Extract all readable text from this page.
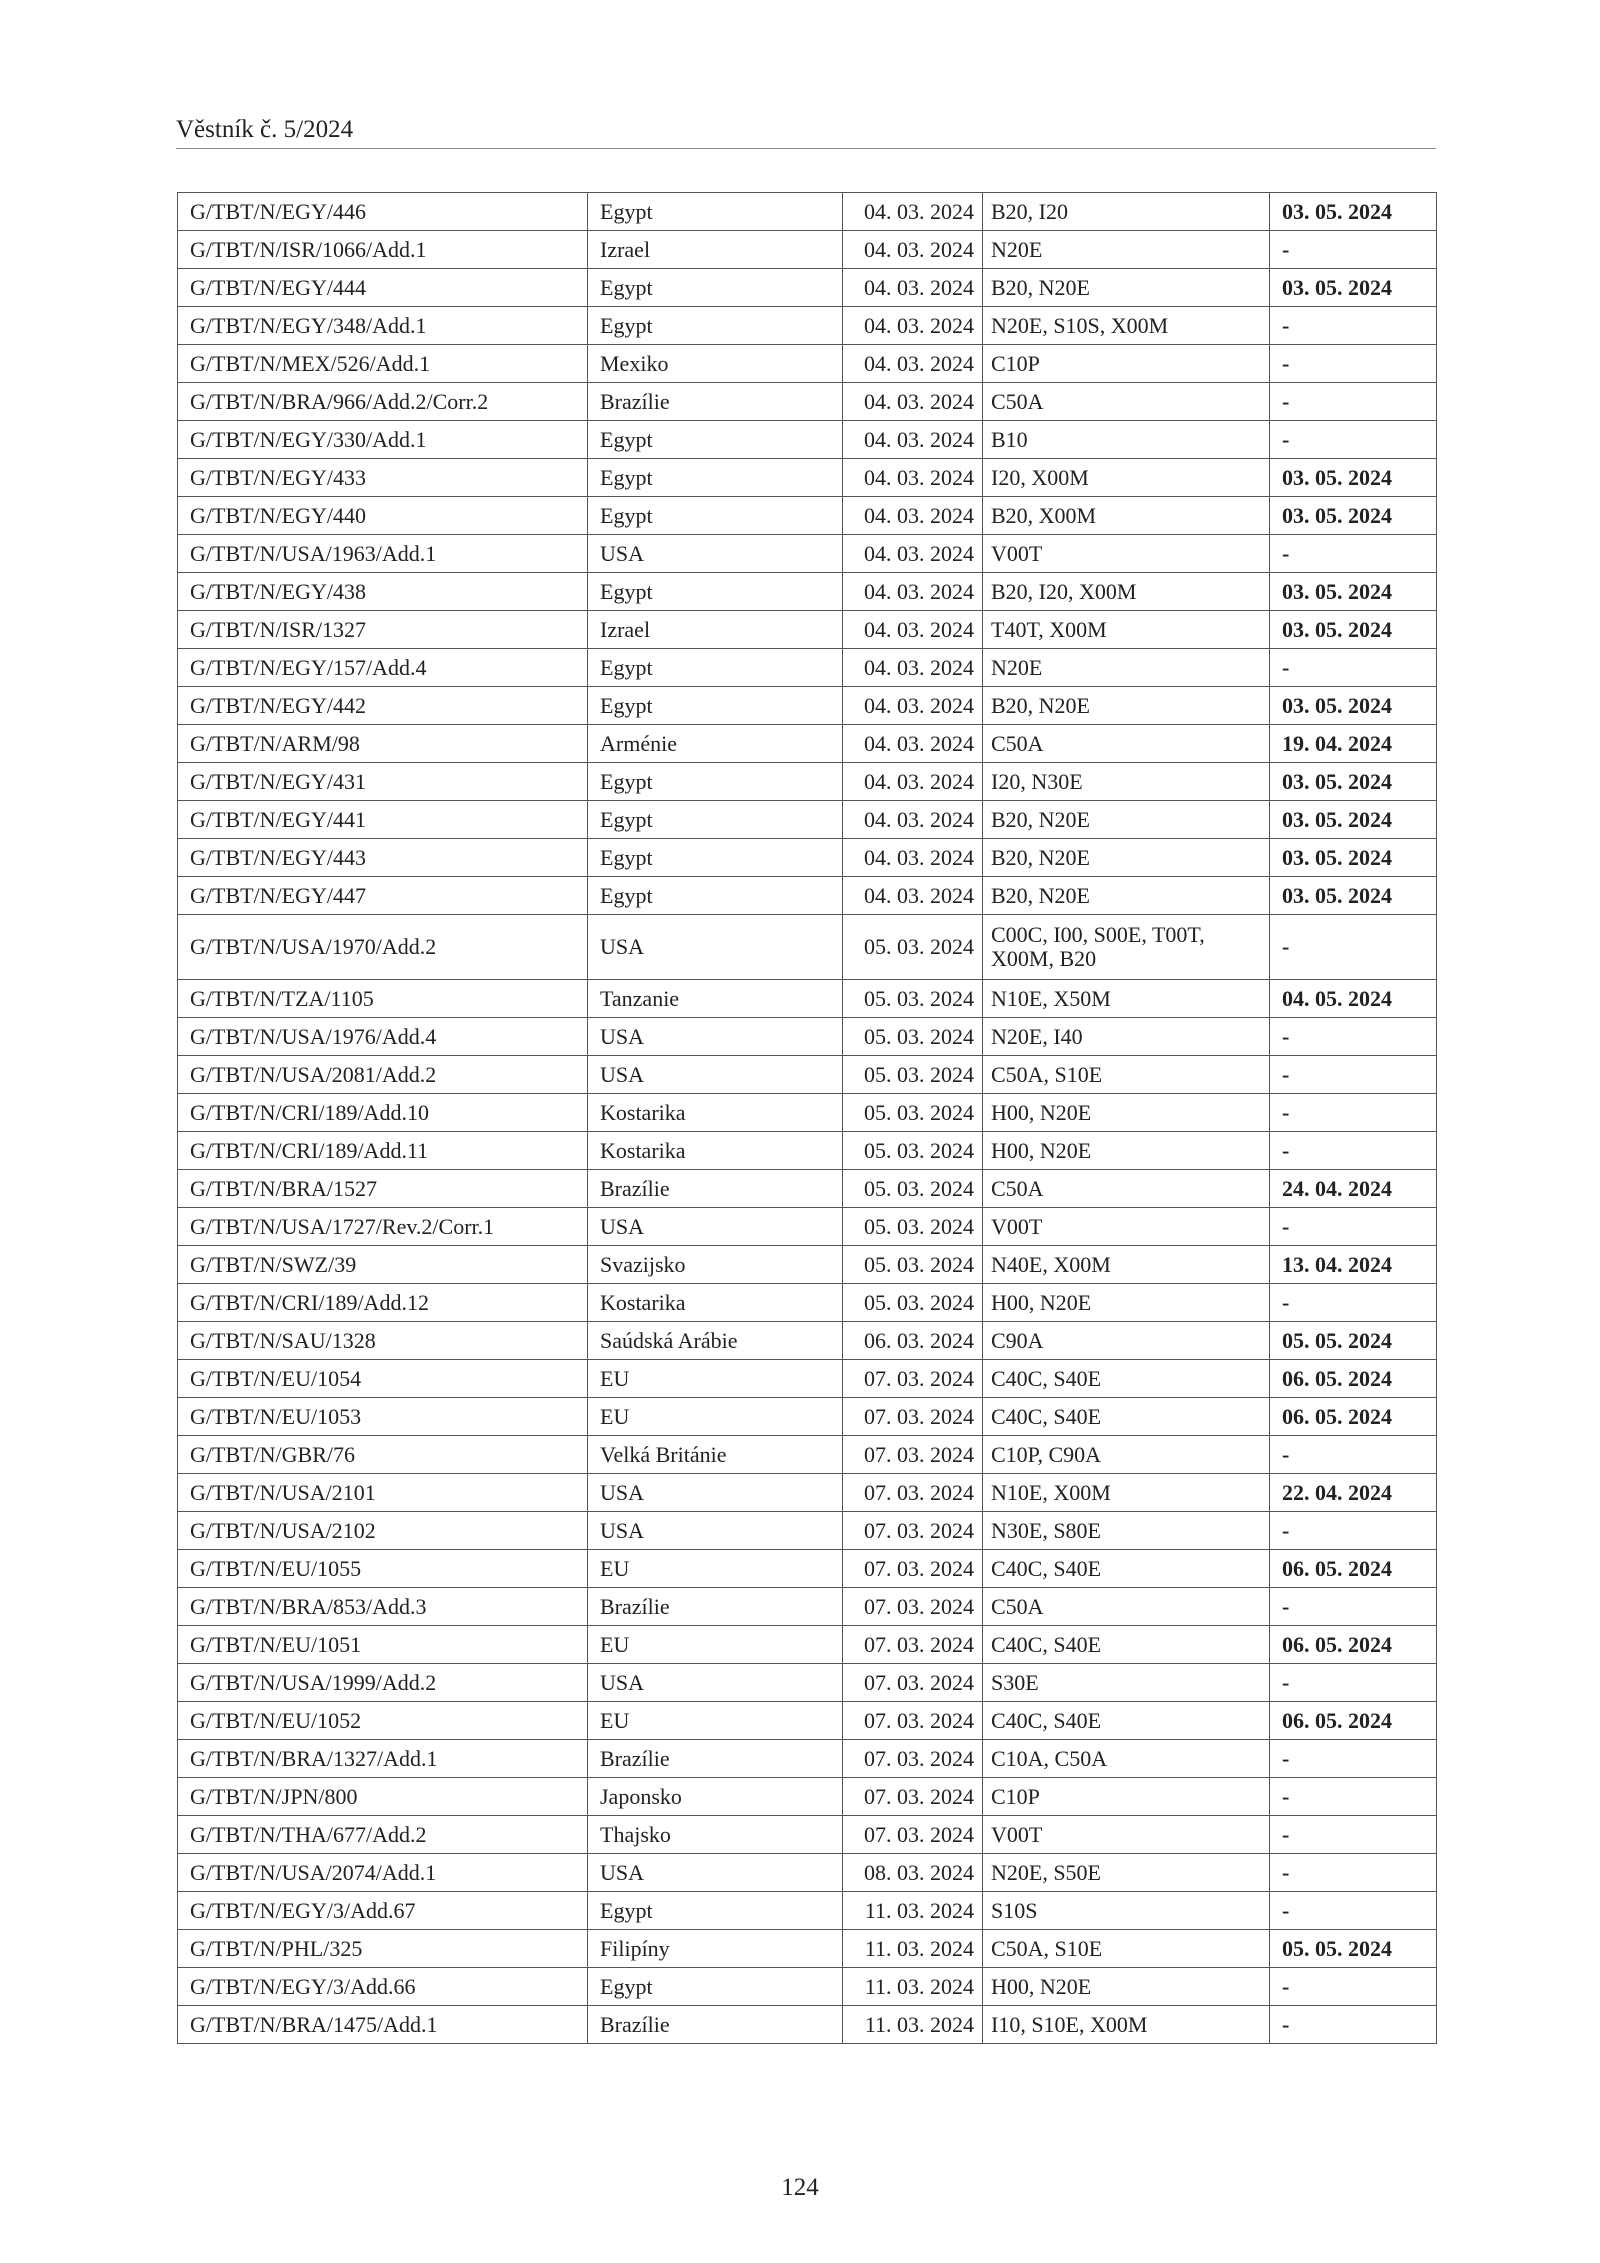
Věstník č. 5/2024
G/TBT/N/EGY/446	Egypt	04. 03. 2024	B20, I20	03. 05. 2024
G/TBT/N/ISR/1066/Add.1	Izrael	04. 03. 2024	N20E	-
G/TBT/N/EGY/444	Egypt	04. 03. 2024	B20, N20E	03. 05. 2024
G/TBT/N/EGY/348/Add.1	Egypt	04. 03. 2024	N20E, S10S, X00M	-
G/TBT/N/MEX/526/Add.1	Mexiko	04. 03. 2024	C10P	-
G/TBT/N/BRA/966/Add.2/Corr.2	Brazílie	04. 03. 2024	C50A	-
G/TBT/N/EGY/330/Add.1	Egypt	04. 03. 2024	B10	-
G/TBT/N/EGY/433	Egypt	04. 03. 2024	I20, X00M	03. 05. 2024
G/TBT/N/EGY/440	Egypt	04. 03. 2024	B20, X00M	03. 05. 2024
G/TBT/N/USA/1963/Add.1	USA	04. 03. 2024	V00T	-
G/TBT/N/EGY/438	Egypt	04. 03. 2024	B20, I20, X00M	03. 05. 2024
G/TBT/N/ISR/1327	Izrael	04. 03. 2024	T40T, X00M	03. 05. 2024
G/TBT/N/EGY/157/Add.4	Egypt	04. 03. 2024	N20E	-
G/TBT/N/EGY/442	Egypt	04. 03. 2024	B20, N20E	03. 05. 2024
G/TBT/N/ARM/98	Arménie	04. 03. 2024	C50A	19. 04. 2024
G/TBT/N/EGY/431	Egypt	04. 03. 2024	I20, N30E	03. 05. 2024
G/TBT/N/EGY/441	Egypt	04. 03. 2024	B20, N20E	03. 05. 2024
G/TBT/N/EGY/443	Egypt	04. 03. 2024	B20, N20E	03. 05. 2024
G/TBT/N/EGY/447	Egypt	04. 03. 2024	B20, N20E	03. 05. 2024
G/TBT/N/USA/1970/Add.2	USA	05. 03. 2024	C00C, I00, S00E, T00T, X00M, B20	-
G/TBT/N/TZA/1105	Tanzanie	05. 03. 2024	N10E, X50M	04. 05. 2024
G/TBT/N/USA/1976/Add.4	USA	05. 03. 2024	N20E, I40	-
G/TBT/N/USA/2081/Add.2	USA	05. 03. 2024	C50A, S10E	-
G/TBT/N/CRI/189/Add.10	Kostarika	05. 03. 2024	H00, N20E	-
G/TBT/N/CRI/189/Add.11	Kostarika	05. 03. 2024	H00, N20E	-
G/TBT/N/BRA/1527	Brazílie	05. 03. 2024	C50A	24. 04. 2024
G/TBT/N/USA/1727/Rev.2/Corr.1	USA	05. 03. 2024	V00T	-
G/TBT/N/SWZ/39	Svazijsko	05. 03. 2024	N40E, X00M	13. 04. 2024
G/TBT/N/CRI/189/Add.12	Kostarika	05. 03. 2024	H00, N20E	-
G/TBT/N/SAU/1328	Saúdská Arábie	06. 03. 2024	C90A	05. 05. 2024
G/TBT/N/EU/1054	EU	07. 03. 2024	C40C, S40E	06. 05. 2024
G/TBT/N/EU/1053	EU	07. 03. 2024	C40C, S40E	06. 05. 2024
G/TBT/N/GBR/76	Velká Británie	07. 03. 2024	C10P, C90A	-
G/TBT/N/USA/2101	USA	07. 03. 2024	N10E, X00M	22. 04. 2024
G/TBT/N/USA/2102	USA	07. 03. 2024	N30E, S80E	-
G/TBT/N/EU/1055	EU	07. 03. 2024	C40C, S40E	06. 05. 2024
G/TBT/N/BRA/853/Add.3	Brazílie	07. 03. 2024	C50A	-
G/TBT/N/EU/1051	EU	07. 03. 2024	C40C, S40E	06. 05. 2024
G/TBT/N/USA/1999/Add.2	USA	07. 03. 2024	S30E	-
G/TBT/N/EU/1052	EU	07. 03. 2024	C40C, S40E	06. 05. 2024
G/TBT/N/BRA/1327/Add.1	Brazílie	07. 03. 2024	C10A, C50A	-
G/TBT/N/JPN/800	Japonsko	07. 03. 2024	C10P	-
G/TBT/N/THA/677/Add.2	Thajsko	07. 03. 2024	V00T	-
G/TBT/N/USA/2074/Add.1	USA	08. 03. 2024	N20E, S50E	-
G/TBT/N/EGY/3/Add.67	Egypt	11. 03. 2024	S10S	-
G/TBT/N/PHL/325	Filipíny	11. 03. 2024	C50A, S10E	05. 05. 2024
G/TBT/N/EGY/3/Add.66	Egypt	11. 03. 2024	H00, N20E	-
G/TBT/N/BRA/1475/Add.1	Brazílie	11. 03. 2024	I10, S10E, X00M	-
124
